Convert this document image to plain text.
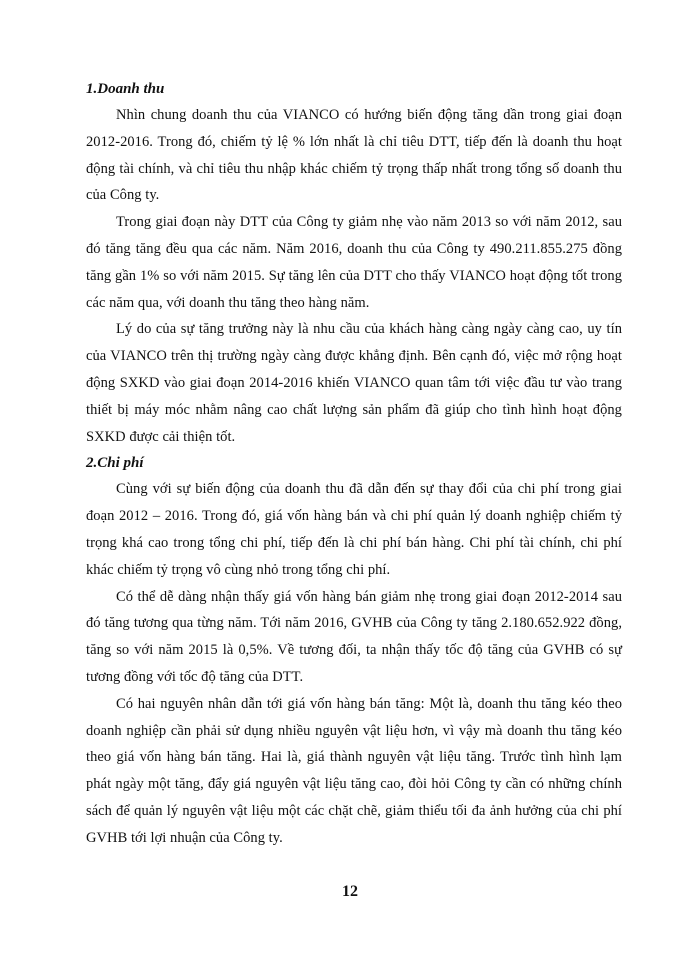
1.Doanh thu

Nhìn chung doanh thu của VIANCO có hướng biến động tăng dần trong giai đoạn 2012-2016. Trong đó, chiếm tỷ lệ % lớn nhất là chỉ tiêu DTT, tiếp đến là doanh thu hoạt động tài chính, và chỉ tiêu thu nhập khác chiếm tỷ trọng thấp nhất trong tổng số doanh thu của Công ty.

Trong giai đoạn này DTT của Công ty giảm nhẹ vào năm 2013 so với năm 2012, sau đó tăng tăng đều qua các năm. Năm 2016, doanh thu của Công ty 490.211.855.275 đồng tăng gần 1% so với năm 2015. Sự tăng lên của DTT cho thấy VIANCO hoạt động tốt trong các năm qua, với doanh thu tăng theo hàng năm.

Lý do của sự tăng trưởng này là nhu cầu của khách hàng càng ngày càng cao, uy tín của VIANCO trên thị trường ngày càng được khẳng định. Bên cạnh đó, việc mở rộng hoạt động SXKD vào giai đoạn 2014-2016 khiến VIANCO quan tâm tới việc đầu tư vào trang thiết bị máy móc nhằm nâng cao chất lượng sản phẩm đã giúp cho tình hình hoạt động SXKD được cải thiện tốt.

2.Chi phí

Cùng với sự biến động của doanh thu đã dẫn đến sự thay đổi của chi phí trong giai đoạn 2012 – 2016. Trong đó, giá vốn hàng bán và chi phí quản lý doanh nghiệp chiếm tỷ trọng khá cao trong tổng chi phí, tiếp đến là chi phí bán hàng. Chi phí tài chính, chi phí khác chiếm tỷ trọng vô cùng nhỏ trong tổng chi phí.

Có thể dễ dàng nhận thấy giá vốn hàng bán giảm nhẹ trong giai đoạn 2012-2014 sau đó tăng tương qua từng năm. Tới năm 2016, GVHB của Công ty tăng 2.180.652.922 đồng, tăng so với năm 2015 là 0,5%. Về tương đối, ta nhận thấy tốc độ tăng của GVHB có sự tương đồng với tốc độ tăng của DTT.

Có hai nguyên nhân dẫn tới giá vốn hàng bán tăng: Một là, doanh thu tăng kéo theo doanh nghiệp cần phải sử dụng nhiều nguyên vật liệu hơn, vì vậy mà doanh thu tăng kéo theo giá vốn hàng bán tăng. Hai là, giá thành nguyên vật liệu tăng. Trước tình hình lạm phát ngày một tăng, đẩy giá nguyên vật liệu tăng cao, đòi hỏi Công ty cần có những chính sách để quản lý nguyên vật liệu một các chặt chẽ, giảm thiểu tối đa ảnh hưởng của chi phí GVHB tới lợi nhuận của Công ty.

12
